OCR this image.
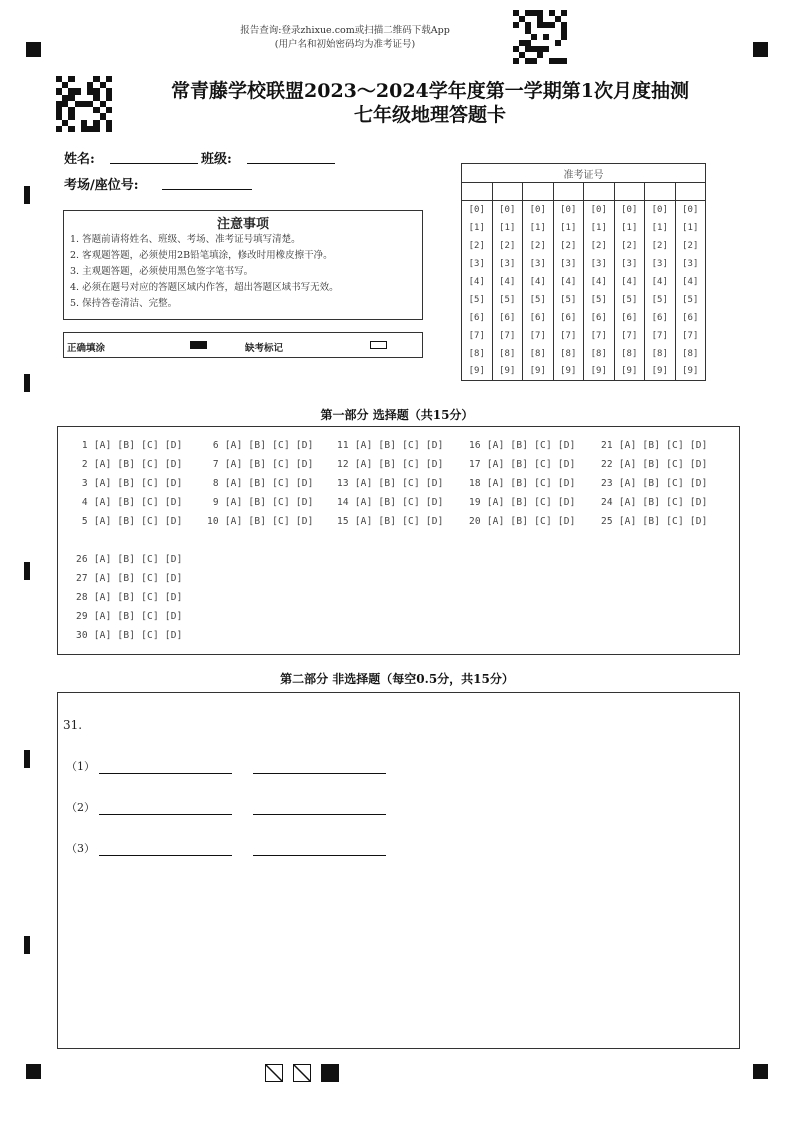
报告查询:登录zhixue.com或扫描二维码下载App
(用户名和初始密码均为准考证号)
常青藤学校联盟2023～2024学年度第一学期第1次月度抽测
七年级地理答题卡
姓名:	班级:
考场/座位号:
注意事项
1. 答题前请将姓名、班级、考场、准考证号填写清楚。
2. 客观题答题，必须使用2B铅笔填涂，修改时用橡皮擦干净。
3. 主观题答题，必须使用黑色签字笔书写。
4. 必须在题号对应的答题区域内作答，超出答题区域书写无效。
5. 保持答卷清洁、完整。
正确填涂	缺考标记
准考证号							

[0]	[0]	[0]	[0]	[0]	[0]	[0]	[0]
[1]	[1]	[1]	[1]	[1]	[1]	[1]	[1]
[2]	[2]	[2]	[2]	[2]	[2]	[2]	[2]
[3]	[3]	[3]	[3]	[3]	[3]	[3]	[3]
[4]	[4]	[4]	[4]	[4]	[4]	[4]	[4]
[5]	[5]	[5]	[5]	[5]	[5]	[5]	[5]
[6]	[6]	[6]	[6]	[6]	[6]	[6]	[6]
[7]	[7]	[7]	[7]	[7]	[7]	[7]	[7]
[8]	[8]	[8]	[8]	[8]	[8]	[8]	[8]
[9]	[9]	[9]	[9]	[9]	[9]	[9]	[9]
第一部分 选择题（共15分）
1 [A] [B] [C] [D]
2 [A] [B] [C] [D]
3 [A] [B] [C] [D]
4 [A] [B] [C] [D]
5 [A] [B] [C] [D]
6 [A] [B] [C] [D]
7 [A] [B] [C] [D]
8 [A] [B] [C] [D]
9 [A] [B] [C] [D]
10 [A] [B] [C] [D]
11 [A] [B] [C] [D]
12 [A] [B] [C] [D]
13 [A] [B] [C] [D]
14 [A] [B] [C] [D]
15 [A] [B] [C] [D]
16 [A] [B] [C] [D]
17 [A] [B] [C] [D]
18 [A] [B] [C] [D]
19 [A] [B] [C] [D]
20 [A] [B] [C] [D]
21 [A] [B] [C] [D]
22 [A] [B] [C] [D]
23 [A] [B] [C] [D]
24 [A] [B] [C] [D]
25 [A] [B] [C] [D]
26 [A] [B] [C] [D]
27 [A] [B] [C] [D]
28 [A] [B] [C] [D]
29 [A] [B] [C] [D]
30 [A] [B] [C] [D]
第二部分 非选择题（每空0.5分，共15分）
31.
（1）
（2）
（3）
